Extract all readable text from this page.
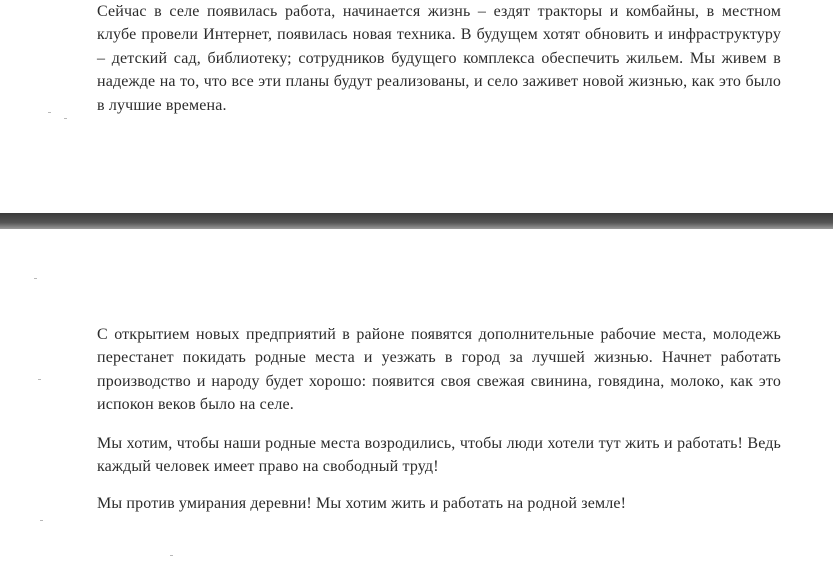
Сейчас в селе появилась работа, начинается жизнь – ездят тракторы и комбайны, в местном клубе провели Интернет, появилась новая техника. В будущем хотят обновить и инфраструктуру – детский сад, библиотеку; сотрудников будущего комплекса обеспечить жильем. Мы живем в надежде на то, что все эти планы будут реализованы, и село заживет новой жизнью, как это было в лучшие времена.

С открытием новых предприятий в районе появятся дополнительные рабочие места, молодежь перестанет покидать родные места и уезжать в город за лучшей жизнью. Начнет работать производство и народу будет хорошо: появится своя свежая свинина, говядина, молоко, как это испокон веков было на селе.

Мы хотим, чтобы наши родные места возродились, чтобы люди хотели тут жить и работать! Ведь каждый человек имеет право на свободный труд!

Мы против умирания деревни! Мы хотим жить и работать на родной земле!
